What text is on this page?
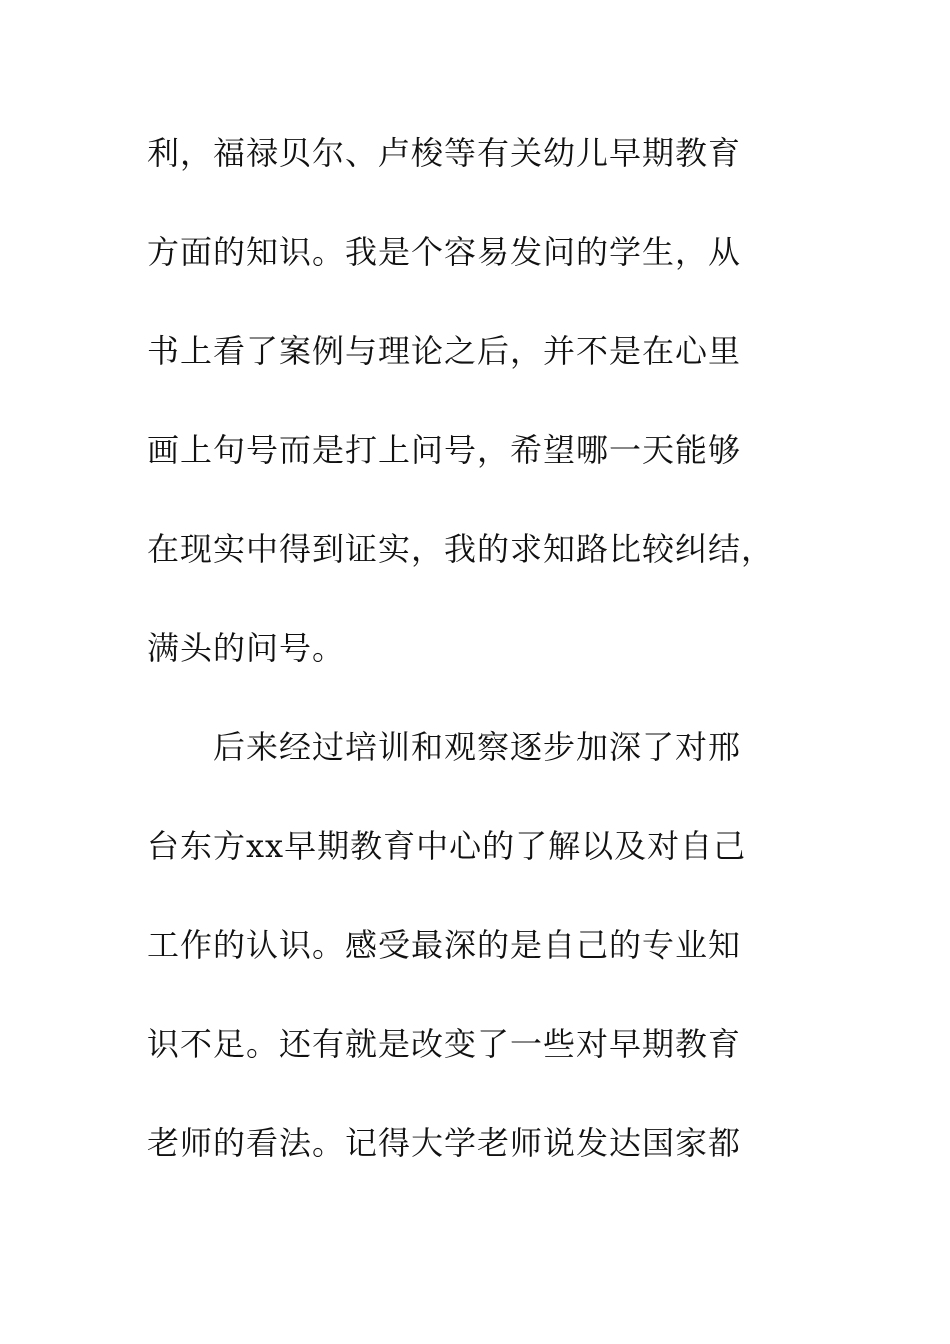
利，福禄贝尔、卢梭等有关幼儿早期教育
方面的知识。我是个容易发问的学生，从
书上看了案例与理论之后，并不是在心里
画上句号而是打上问号，希望哪一天能够
在现实中得到证实，我的求知路比较纠结，
满头的问号。
后来经过培训和观察逐步加深了对邢
台东方xx早期教育中心的了解以及对自己
工作的认识。感受最深的是自己的专业知
识不足。还有就是改变了一些对早期教育
老师的看法。记得大学老师说发达国家都
